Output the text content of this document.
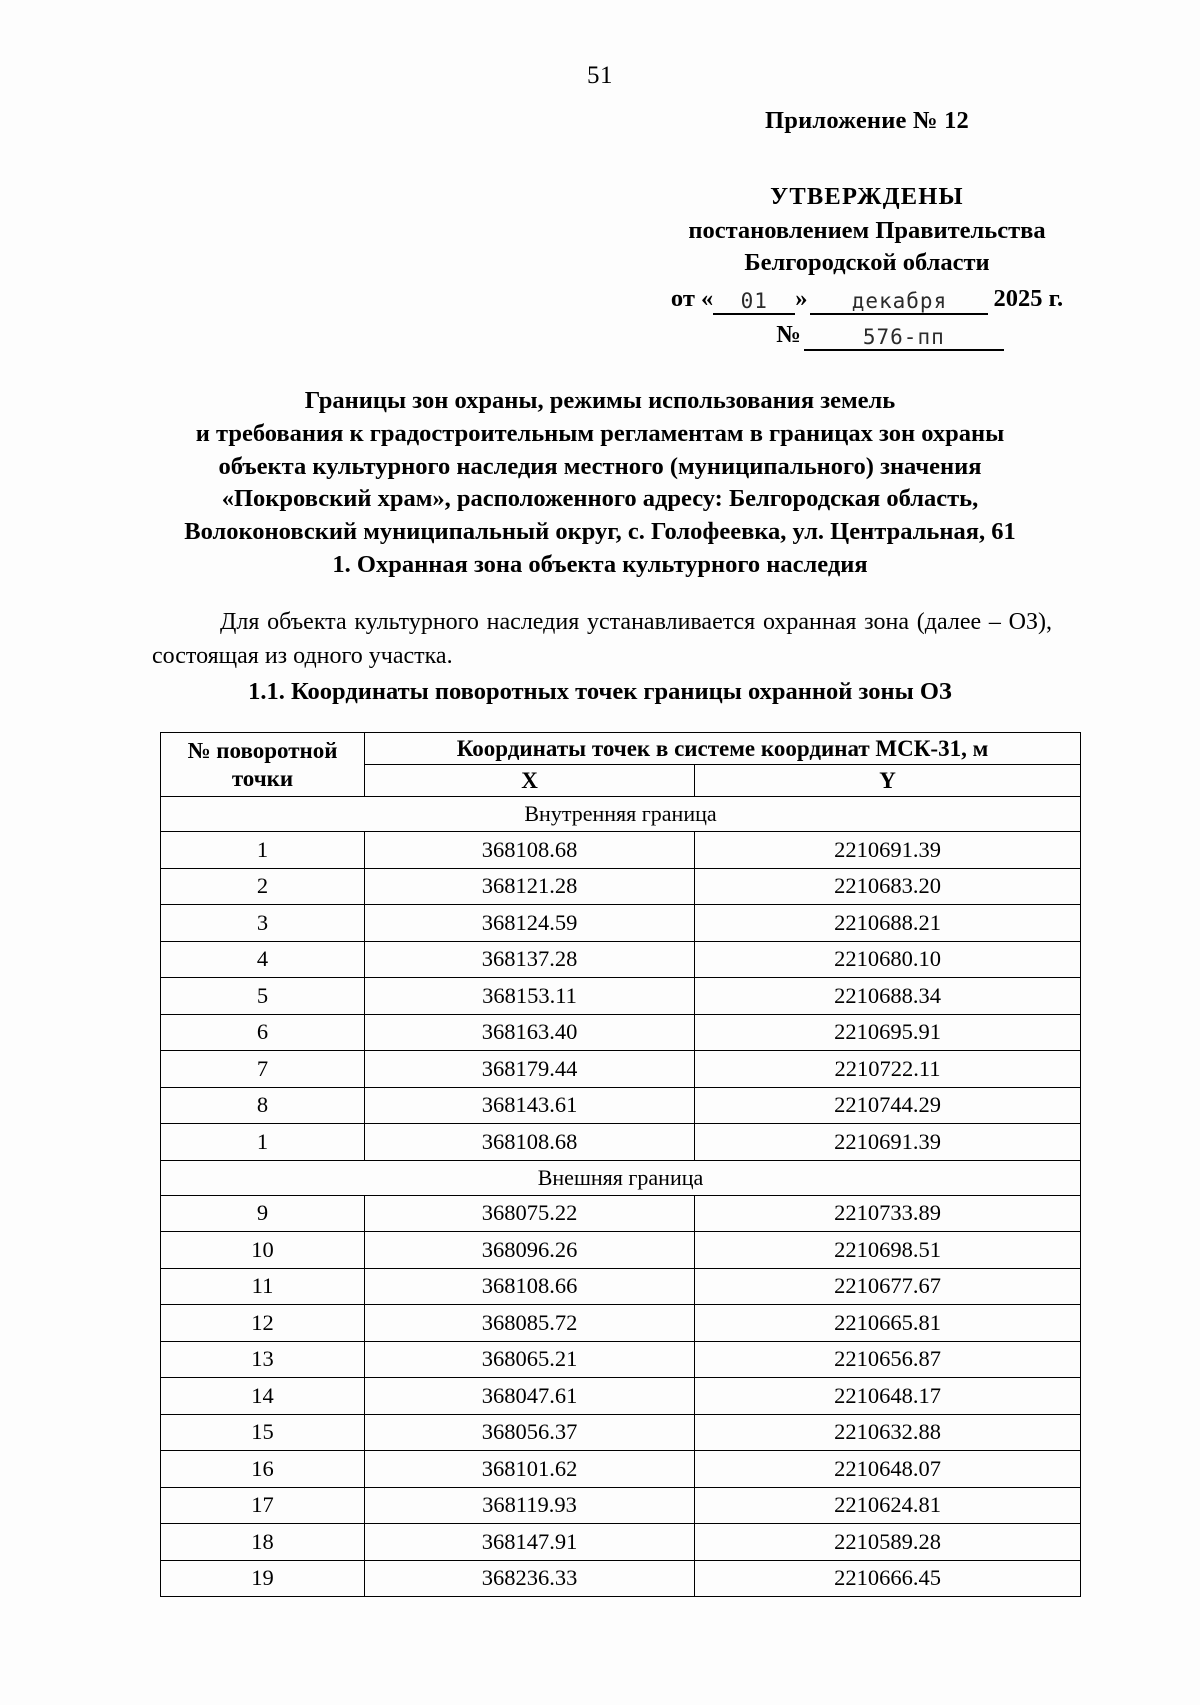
51
Приложение № 12
УТВЕРЖДЕНЫ
постановлением Правительства
Белгородской области
от «	01	»	декабря	2025 г.
№	576-пп
Границы зон охраны, режимы использования земель
и требования к градостроительным регламентам в границах зон охраны
объекта культурного наследия местного (муниципального) значения
«Покровский храм», расположенного адресу: Белгородская область,
Волоконовский муниципальный округ, с. Голофеевка, ул. Центральная, 61
1. Охранная зона объекта культурного наследия
Для объекта культурного наследия устанавливается охранная зона (далее – ОЗ), состоящая из одного участка.
1.1. Координаты поворотных точек границы охранной зоны ОЗ
№ поворотной точки	Координаты точек в системе координат МСК-31, м	
	X	Y
Внутренняя граница		
1	368108.68	2210691.39
2	368121.28	2210683.20
3	368124.59	2210688.21
4	368137.28	2210680.10
5	368153.11	2210688.34
6	368163.40	2210695.91
7	368179.44	2210722.11
8	368143.61	2210744.29
1	368108.68	2210691.39
Внешняя граница		
9	368075.22	2210733.89
10	368096.26	2210698.51
11	368108.66	2210677.67
12	368085.72	2210665.81
13	368065.21	2210656.87
14	368047.61	2210648.17
15	368056.37	2210632.88
16	368101.62	2210648.07
17	368119.93	2210624.81
18	368147.91	2210589.28
19	368236.33	2210666.45
